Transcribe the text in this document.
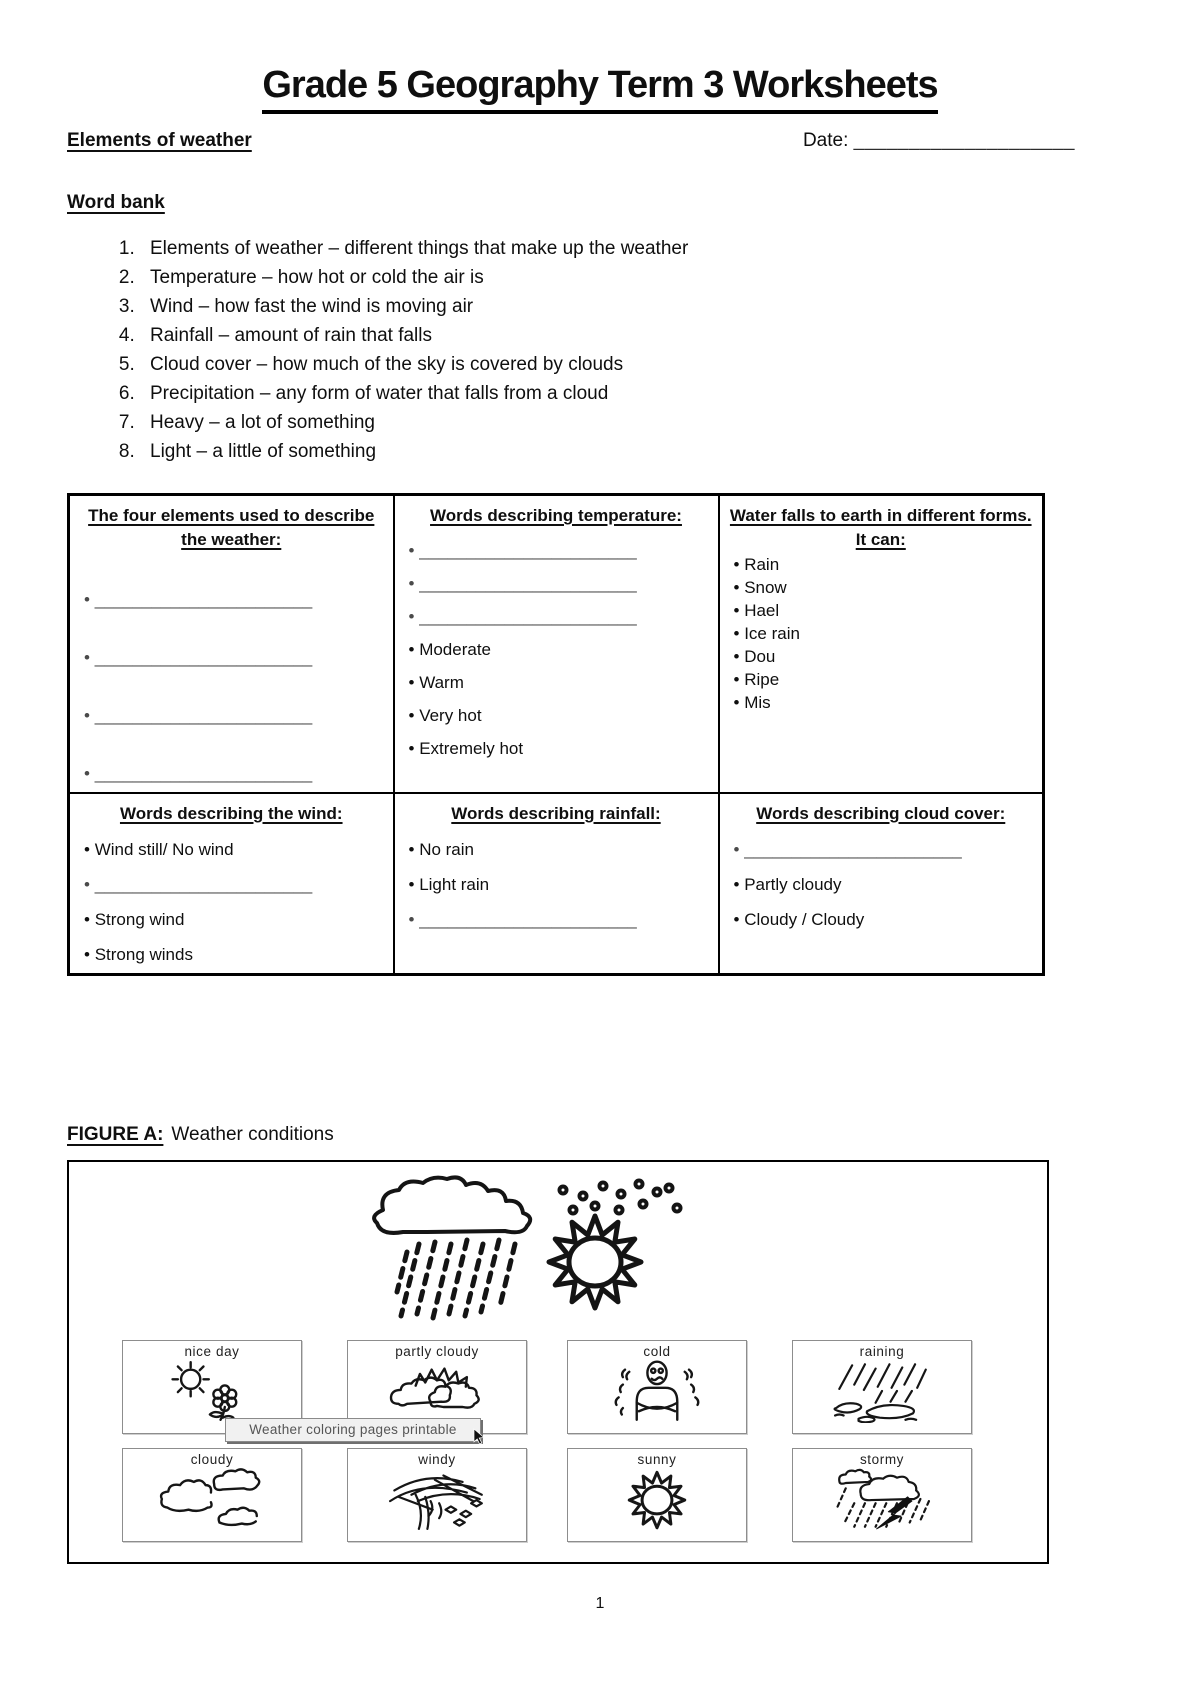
Grade 5 Geography Term 3 Worksheets
Elements of weather	Date: ____________________
Word bank
1. Elements of weather – different things that make up the weather
2. Temperature – how hot or cold the air is
3. Wind – how fast the wind is moving air
4. Rainfall – amount of rain that falls
5. Cloud cover – how much of the sky is covered by clouds
6. Precipitation – any form of water that falls from a cloud
7. Heavy – a lot of something
8. Light – a little of something
The four elements used to describe the weather:
• _______________________
• _______________________
• _______________________
• _______________________

Words describing temperature:
• _______________________
• _______________________
• _______________________
• Moderate
• Warm
• Very hot
• Extremely hot

Water falls to earth in different forms. It can:
• Rain
• Snow
• Hael
• Ice rain
• Dou
• Ripe
• Mis

Words describing the wind:
• Wind still/ No wind
• _______________________
• Strong wind
• Strong winds

Words describing rainfall:
• No rain
• Light rain
• _______________________

Words describing cloud cover:
• _______________________
• Partly cloudy
• Cloudy / Cloudy
FIGURE A: Weather conditions
nice day	partly cloudy	cold	raining
cloudy	windy	sunny	stormy
Weather coloring pages printable
1
